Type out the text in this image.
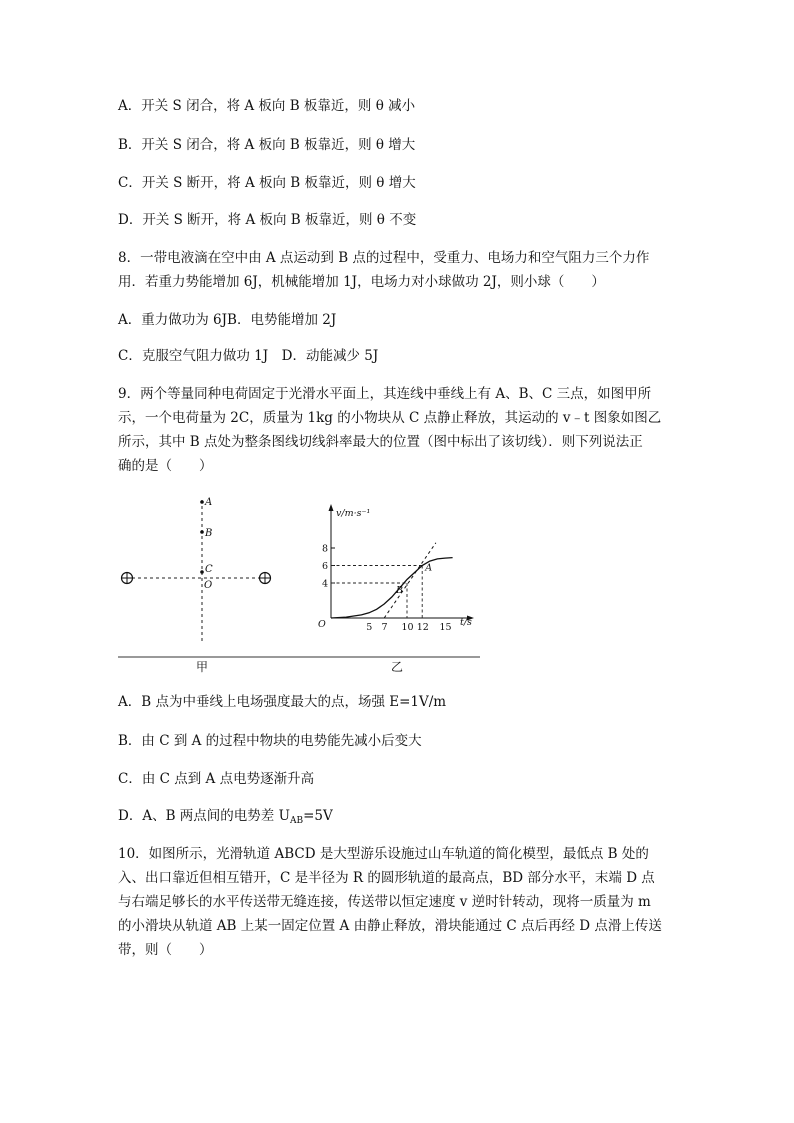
A．开关 S 闭合，将 A 板向 B 板靠近，则 θ 减小
B．开关 S 闭合，将 A 板向 B 板靠近，则 θ 增大
C．开关 S 断开，将 A 板向 B 板靠近，则 θ 增大
D．开关 S 断开，将 A 板向 B 板靠近，则 θ 不变
8．一带电液滴在空中由 A 点运动到 B 点的过程中，受重力、电场力和空气阻力三个力作
用．若重力势能增加 6J，机械能增加 1J，电场力对小球做功 2J，则小球（　　）
A．重力做功为 6JB．电势能增加 2J
C．克服空气阻力做功 1J　D．动能减少 5J
9．两个等量同种电荷固定于光滑水平面上，其连线中垂线上有 A、B、C 三点，如图甲所
示，一个电荷量为 2C，质量为 1kg 的小物块从 C 点静止释放，其运动的 v﹣t 图象如图乙
所示，其中 B 点处为整条图线切线斜率最大的位置（图中标出了该切线）．则下列说法正
确的是（　　）
A
B
C
O
v/m·s⁻¹
t/s
O
4
6
8
5 7 10 12 15
A
B
甲	乙
A．B 点为中垂线上电场强度最大的点，场强 E=1V/m
B．由 C 到 A 的过程中物块的电势能先减小后变大
C．由 C 点到 A 点电势逐渐升高
D．A、B 两点间的电势差 $U_{AB}=5V$
10．如图所示，光滑轨道 ABCD 是大型游乐设施过山车轨道的简化模型，最低点 B 处的
入、出口靠近但相互错开，C 是半径为 R 的圆形轨道的最高点，BD 部分水平，末端 D 点
与右端足够长的水平传送带无缝连接，传送带以恒定速度 v 逆时针转动，现将一质量为 m
的小滑块从轨道 AB 上某一固定位置 A 由静止释放，滑块能通过 C 点后再经 D 点滑上传送
带，则（　　）
